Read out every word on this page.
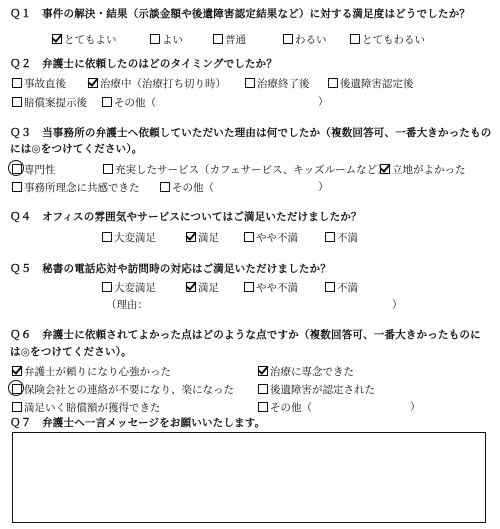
Ｑ１　事件の解決・結果（示談金額や後遺障害認定結果など）に対する満足度はどうでしたか？
とてもよい	よい	普通	わるい	とてもわるい
Ｑ２　弁護士に依頼したのはどのタイミングでしたか？
事故直後	治療中（治療打ち切り時）	治療終了後	後遺障害認定後
賠償案提示後	その他（	）
Ｑ３　当事務所の弁護士へ依頼していただいた理由は何でしたか（複数回答可、一番大きかったもの
には◎をつけてください）。
専門性	充実したサービス（カフェサービス、キッズルームなど） 立地がよかった
事務所理念に共感できた	その他（	）
Ｑ４　オフィスの雰囲気やサービスについてはご満足いただけましたか？
大変満足	満足	やや不満	不満
Ｑ５　秘書の電話応対や訪問時の対応はご満足いただけましたか？
大変満足	満足	やや不満	不満
（理由：	）
Ｑ６　弁護士に依頼されてよかった点はどのような点ですか（複数回答可、一番大きかったものに
は◎をつけてください）。
弁護士が頼りになり心強かった	治療に専念できた
保険会社との連絡が不要になり、楽になった	後遺障害が認定された
満足いく賠償額が獲得できた	その他（	）
Ｑ７　弁護士へ一言メッセージをお願いいたします。
